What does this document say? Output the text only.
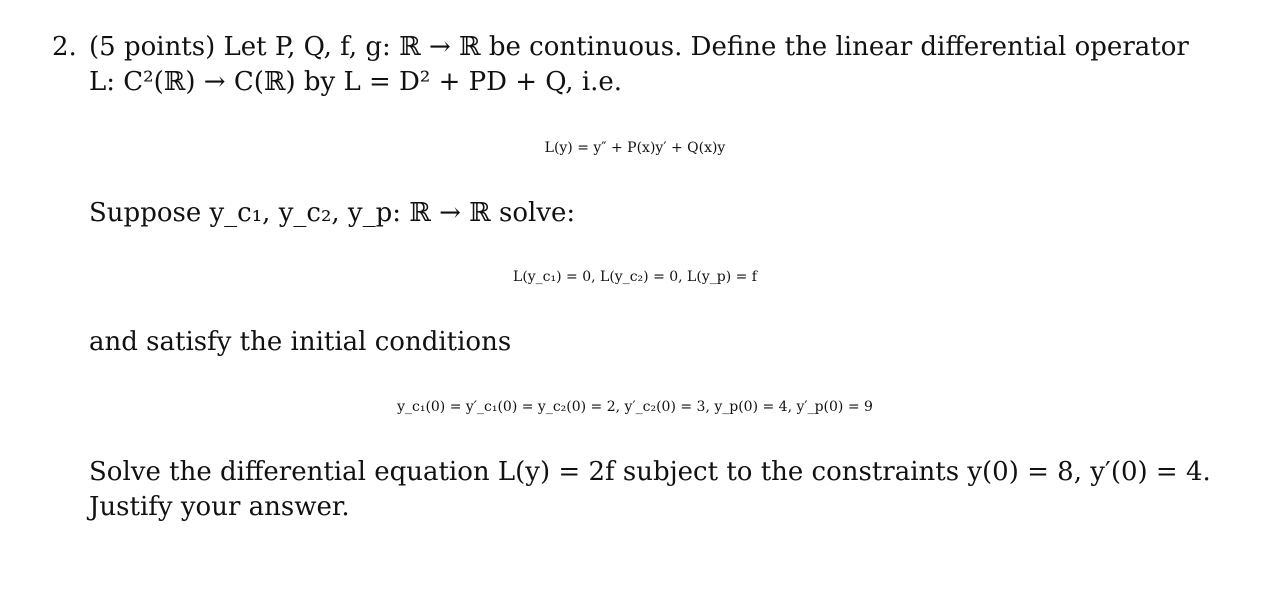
2. (5 points) Let P, Q, f, g: ℝ → ℝ be continuous. Define the linear differential operator
L: C²(ℝ) → C(ℝ) by L = D² + PD + Q, i.e.
L(y) = y″ + P(x)y′ + Q(x)y
Suppose y_c₁, y_c₂, y_p: ℝ → ℝ solve:
L(y_c₁) = 0, L(y_c₂) = 0, L(y_p) = f
and satisfy the initial conditions
y_c₁(0) = y′_c₁(0) = y_c₂(0) = 2, y′_c₂(0) = 3, y_p(0) = 4, y′_p(0) = 9
Solve the differential equation L(y) = 2f subject to the constraints y(0) = 8, y′(0) = 4.
Justify your answer.
